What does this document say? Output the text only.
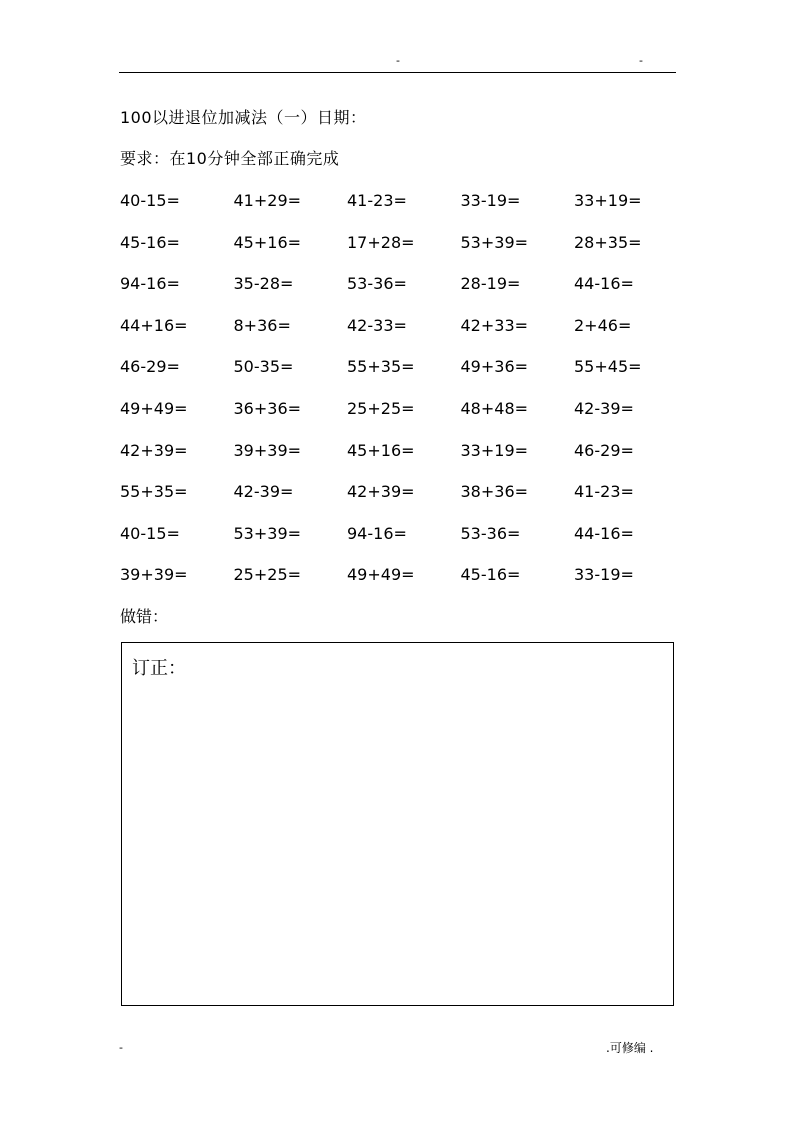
-	-
100以进退位加减法（一）日期：
要求：在10分钟全部正确完成
40-15=	41+29=	41-23=	33-19=	33+19=
45-16=	45+16=	17+28=	53+39=	28+35=
94-16=	35-28=	53-36=	28-19=	44-16=
44+16=	8+36=	42-33=	42+33=	2+46=
46-29=	50-35=	55+35=	49+36=	55+45=
49+49=	36+36=	25+25=	48+48=	42-39=
42+39=	39+39=	45+16=	33+19=	46-29=
55+35=	42-39=	42+39=	38+36=	41-23=
40-15=	53+39=	94-16=	53-36=	44-16=
39+39=	25+25=	49+49=	45-16=	33-19=
做错：
订正：
-	.可修编 .
